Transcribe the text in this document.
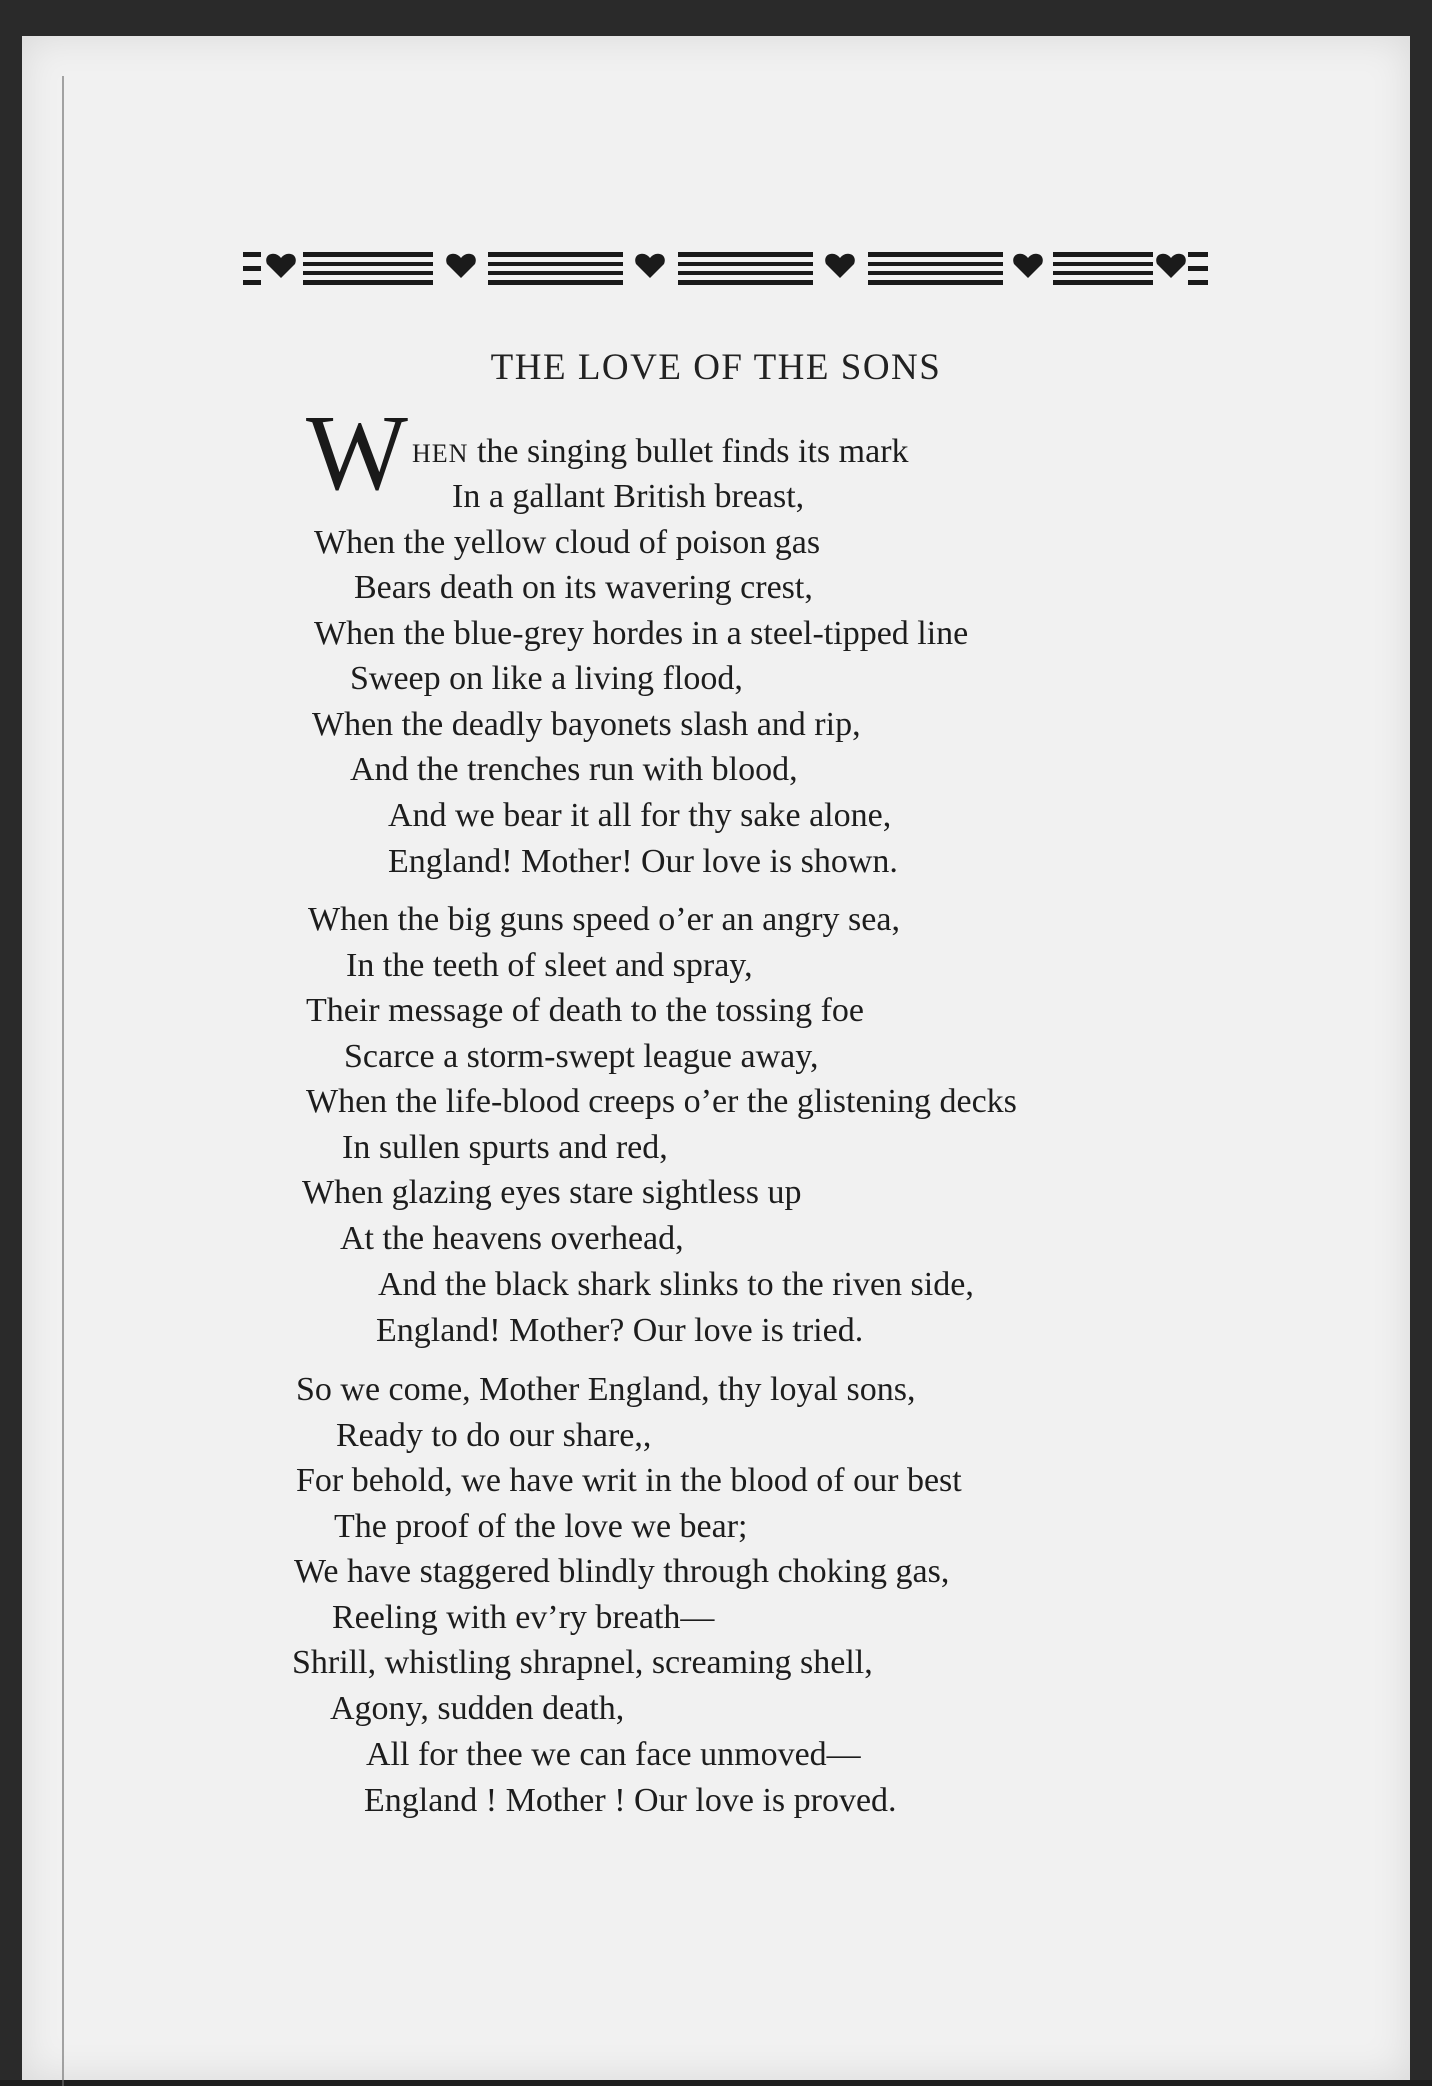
THE LOVE OF THE SONS
W HEN the singing bullet finds its mark
In a gallant British breast,
When the yellow cloud of poison gas
Bears death on its wavering crest,
When the blue-grey hordes in a steel-tipped line
Sweep on like a living flood,
When the deadly bayonets slash and rip,
And the trenches run with blood,
And we bear it all for thy sake alone,
England! Mother! Our love is shown.
When the big guns speed o’er an angry sea,
In the teeth of sleet and spray,
Their message of death to the tossing foe
Scarce a storm-swept league away,
When the life-blood creeps o’er the glistening decks
In sullen spurts and red,
When glazing eyes stare sightless up
At the heavens overhead,
And the black shark slinks to the riven side,
England! Mother? Our love is tried.
So we come, Mother England, thy loyal sons,
Ready to do our share,,
For behold, we have writ in the blood of our best
The proof of the love we bear;
We have staggered blindly through choking gas,
Reeling with ev’ry breath—
Shrill, whistling shrapnel, screaming shell,
Agony, sudden death,
All for thee we can face unmoved—
England ! Mother ! Our love is proved.
